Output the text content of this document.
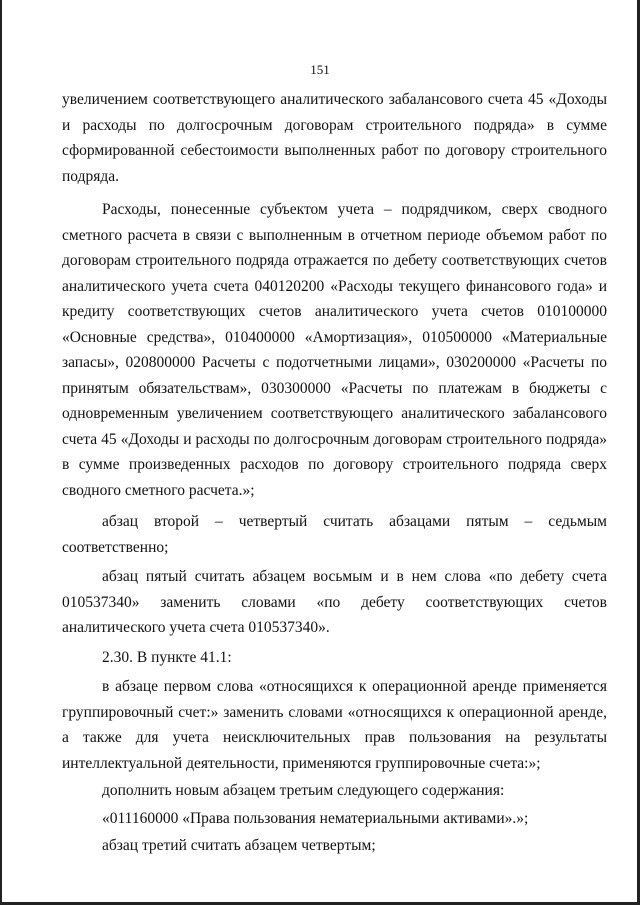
151

увеличением соответствующего аналитического забалансового счета 45 «Доходы и расходы по долгосрочным договорам строительного подряда» в сумме сформированной себестоимости выполненных работ по договору строительного подряда.

Расходы, понесенные субъектом учета – подрядчиком, сверх сводного сметного расчета в связи с выполненным в отчетном периоде объемом работ по договорам строительного подряда отражается по дебету соответствующих счетов аналитического учета счета 040120200 «Расходы текущего финансового года» и кредиту соответствующих счетов аналитического учета счетов 010100000 «Основные средства», 010400000 «Амортизация», 010500000 «Материальные запасы», 020800000 Расчеты с подотчетными лицами», 030200000 «Расчеты по принятым обязательствам», 030300000 «Расчеты по платежам в бюджеты с одновременным увеличением соответствующего аналитического забалансового счета 45 «Доходы и расходы по долгосрочным договорам строительного подряда» в сумме произведенных расходов по договору строительного подряда сверх сводного сметного расчета.»;

абзац второй – четвертый считать абзацами пятым – седьмым соответственно;

абзац пятый считать абзацем восьмым и в нем слова «по дебету счета 010537340» заменить словами «по дебету соответствующих счетов аналитического учета счета 010537340».

2.30. В пункте 41.1:

в абзаце первом слова «относящихся к операционной аренде применяется группировочный счет:» заменить словами «относящихся к операционной аренде, а также для учета неисключительных прав пользования на результаты интеллектуальной деятельности, применяются группировочные счета:»;

дополнить новым абзацем третьим следующего содержания:

«011160000 «Права пользования нематериальными активами».»;

абзац третий считать абзацем четвертым;
